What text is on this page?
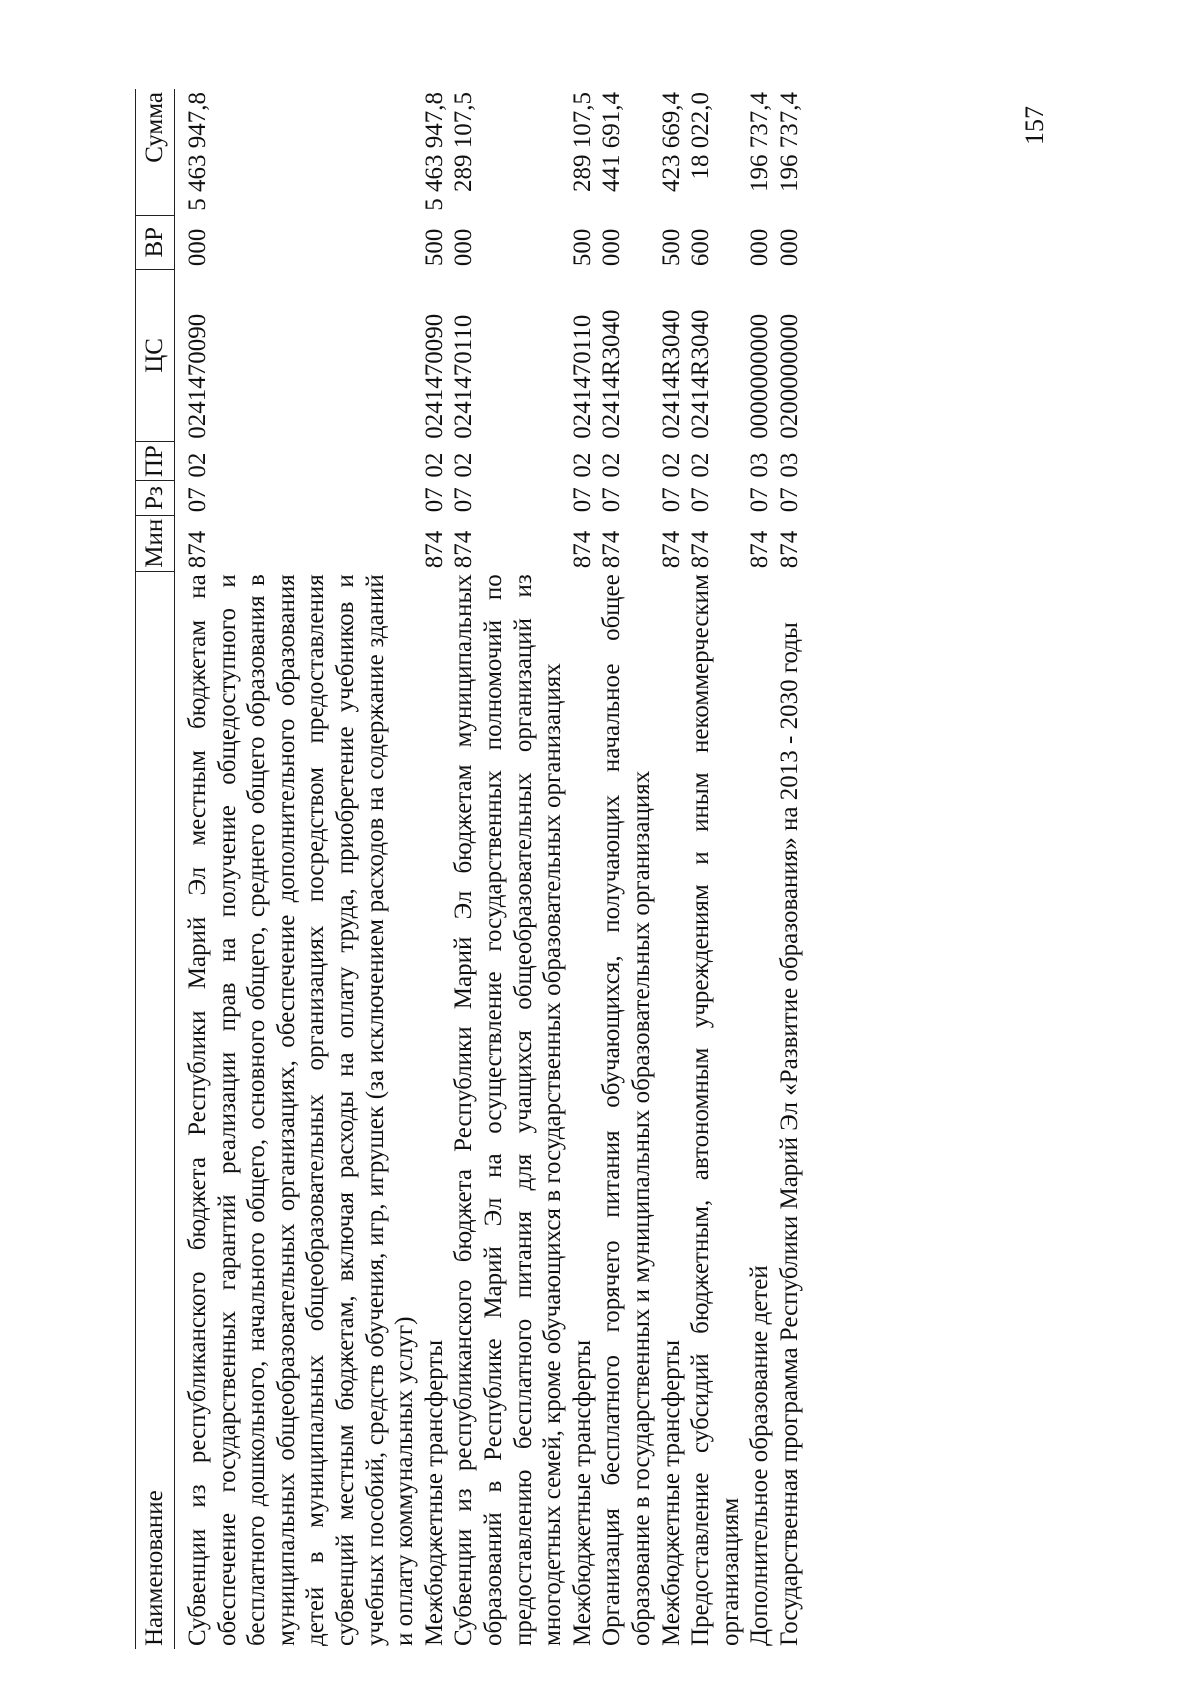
157
Наименование	Мин	Рз	ПР	ЦС	ВР	Сумма
Субвенции из республиканского бюджета Республики Марий Эл местным бюджетам на обеспечение государственных гарантий реализации прав на получение общедоступного и бесплатного дошкольного, начального общего, основного общего, среднего общего образования в муниципальных общеобразовательных организациях, обеспечение дополнительного образования детей в муниципальных общеобразовательных организациях посредством предоставления субвенций местным бюджетам, включая расходы на оплату труда, приобретение учебников и учебных пособий, средств обучения, игр, игрушек (за исключением расходов на содержание зданий и оплату коммунальных услуг)	874	07	02	0241470090	000	5 463 947,8
Межбюджетные трансферты	874	07	02	0241470090	500	5 463 947,8
Субвенции из республиканского бюджета Республики Марий Эл бюджетам муниципальных образований в Республике Марий Эл на осуществление государственных полномочий по предоставлению бесплатного питания для учащихся общеобразовательных организаций из многодетных семей, кроме обучающихся в государственных образовательных организациях	874	07	02	0241470110	000	289 107,5
Межбюджетные трансферты	874	07	02	0241470110	500	289 107,5
Организация бесплатного горячего питания обучающихся, получающих начальное общее образование в государственных и муниципальных образовательных организациях	874	07	02	02414R3040	000	441 691,4
Межбюджетные трансферты	874	07	02	02414R3040	500	423 669,4
Предоставление субсидий бюджетным, автономным учреждениям и иным некоммерческим организациям	874	07	02	02414R3040	600	18 022,0
Дополнительное образование детей	874	07	03	0000000000	000	196 737,4
Государственная программа Республики Марий Эл «Развитие образования» на 2013 - 2030 годы	874	07	03	0200000000	000	196 737,4
